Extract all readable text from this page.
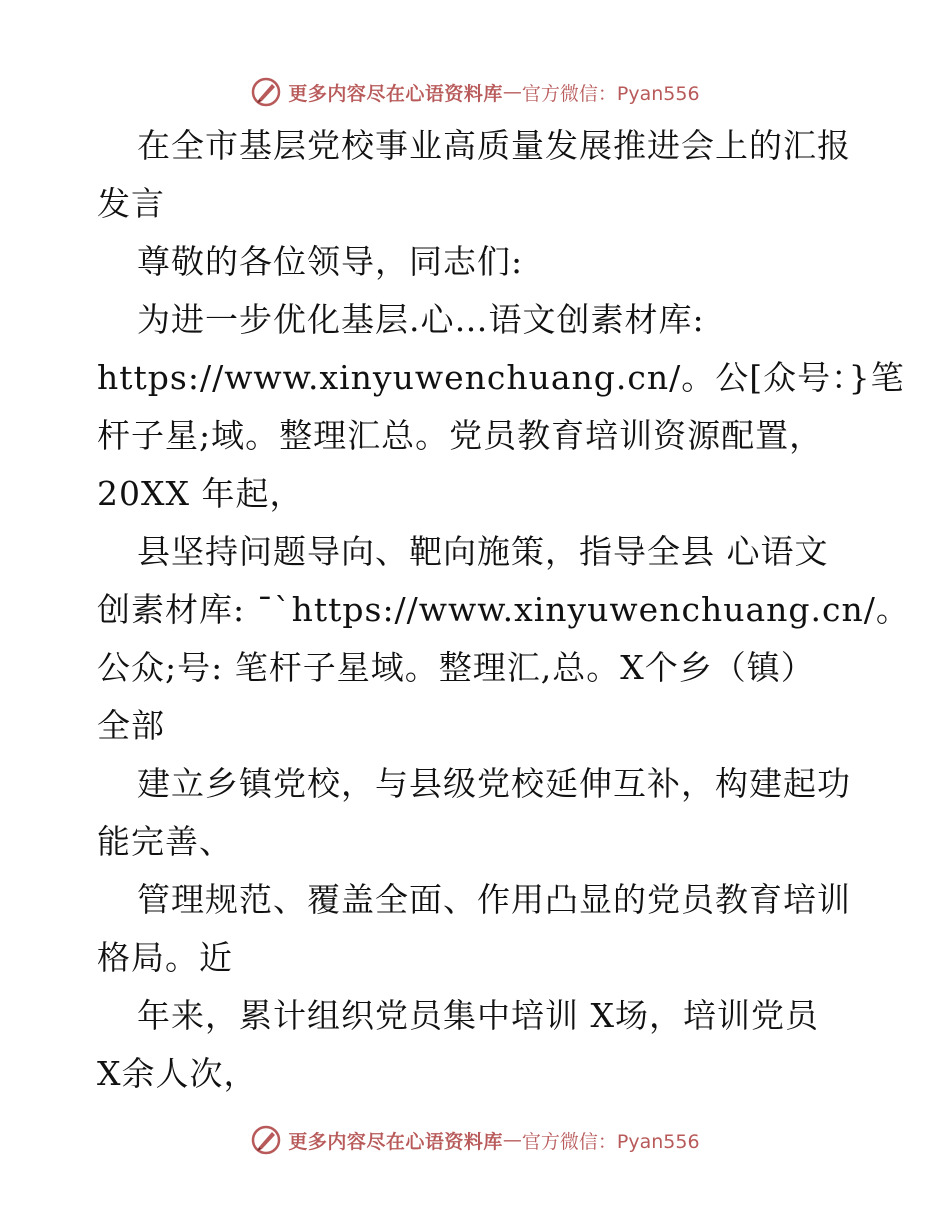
更多内容尽在心语资料库 — 官方微信：Pyan556
在全市基层党校事业高质量发展推进会上的汇报
发言
尊敬的各位领导，同志们:
为进一步优化基层.心…语文创素材库:
https://www.xinyuwenchuang.cn/。公[众号：}笔
杆子星;域。整理汇总。党员教育培训资源配置，
20XX 年起，
县坚持问题导向、靶向施策，指导全县 心语文
创素材库: ¯`https://www.xinyuwenchuang.cn/。
公众;号: 笔杆子星域。整理汇,总。X个乡（镇）
全部
建立乡镇党校，与县级党校延伸互补，构建起功
能完善、
管理规范、覆盖全面、作用凸显的党员教育培训
格局。近
年来，累计组织党员集中培训 X场，培训党员
X余人次，
更多内容尽在心语资料库 — 官方微信：Pyan556
